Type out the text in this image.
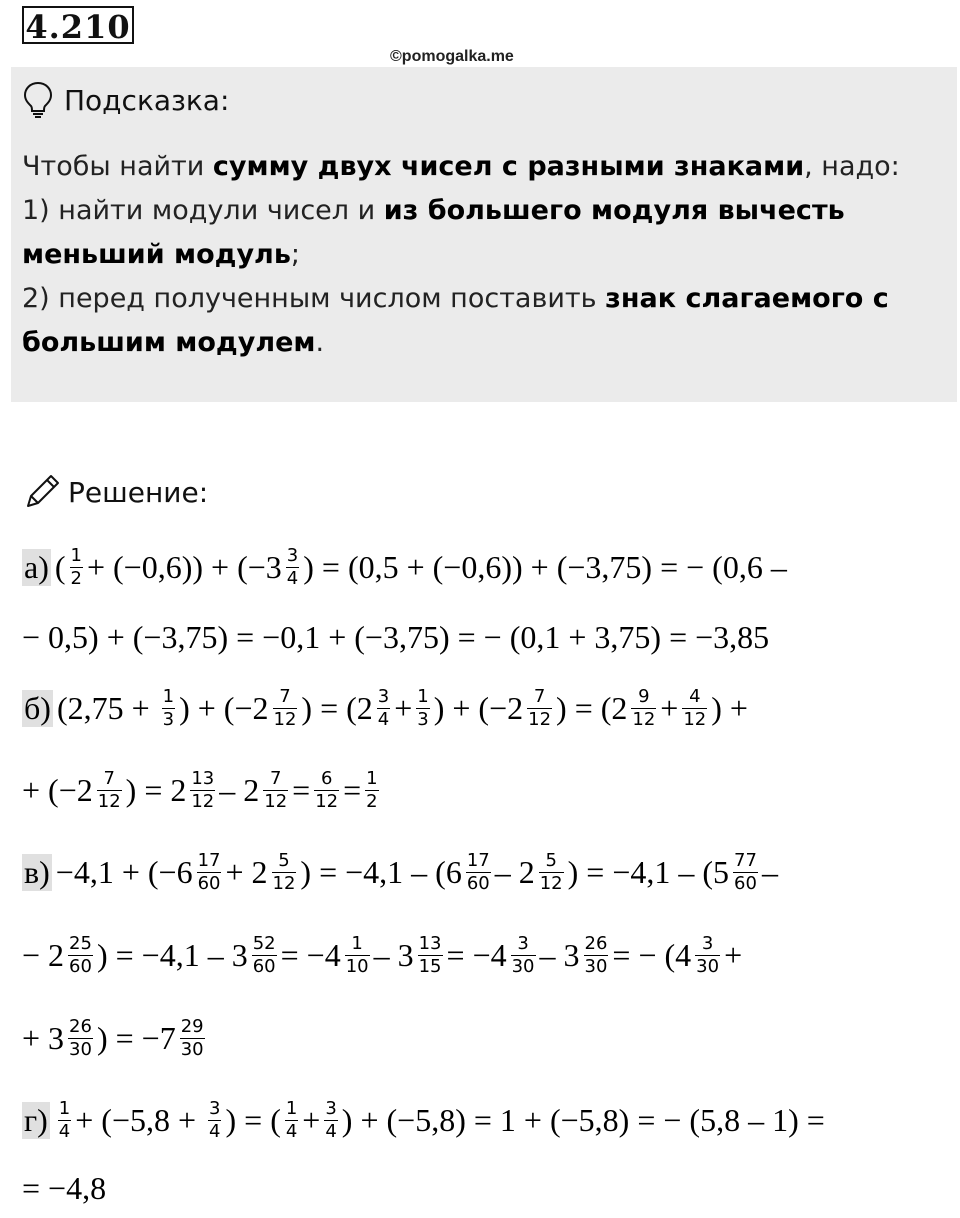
4.210
©pomogalka.me
Подсказка:
Чтобы найти сумму двух чисел с разными знаками, надо:
1) найти модули чисел и из большего модуля вычесть
меньший модуль;
2) перед полученным числом поставить знак слагаемого с
большим модулем.
Решение:
а) ( $\frac{1}{2} + (-0,6)) + (-3 \frac{3}{4}$ ) = (0,5 + (−0,6)) + (−3,75) = − (0,6 –
− 0,5) + (−3,75) = −0,1 + (−3,75) = − (0,1 + 3,75) = −3,85
б) ($2,75 + \frac{1}{3}$ ) + ($-2 \frac{7}{12}$ ) = ($2 \frac{3}{4} + \frac{1}{3}$ ) + ($-2 \frac{7}{12}$ ) = ($2 \frac{9}{12} + \frac{4}{12}$ ) +
+ ($-2 \frac{7}{12}$ ) = $2 \frac{13}{12} - 2 \frac{7}{12} = \frac{6}{12} = \frac{1}{2}$
$в) -4,1 + (-6 \frac{17}{60} + 2 \frac{5}{12}$ ) = $-4,1 - (6 \frac{17}{60} - 2 \frac{5}{12}$ ) = $-4,1 - (5 \frac{77}{60}$ –
− $2 \frac{25}{60}$ ) = $-4,1 - 3 \frac{52}{60} = -4 \frac{1}{10} - 3 \frac{13}{15} = -4 \frac{3}{30} - 3 \frac{26}{30}$ = − ($4 \frac{3}{30}$ +
+ $3 \frac{26}{30}$ ) = $-7 \frac{29}{30}$
$г) \frac{1}{4} + (-5,8 + \frac{3}{4}$ ) = ( $\frac{1}{4} + \frac{3}{4}$ ) + (−5,8) = 1 + (−5,8) = − (5,8 – 1) =
= −4,8
